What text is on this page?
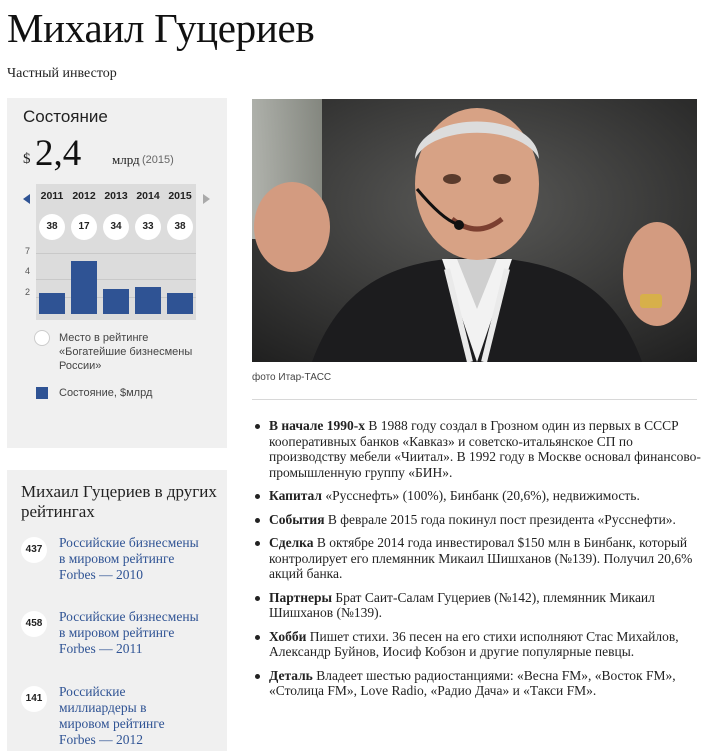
Михаил Гуцериев
Частный инвестор
Состояние
$ 2,4 млрд (2015)
7
4
2
2011
38
2012
17
2013
34
2014
33
2015
38
Место в рейтинге «Богатейшие бизнесмены России»
Состояние, $млрд
Михаил Гуцериев в других рейтингах
437	Российские бизнесмены в мировом рейтинге Forbes — 2010
458	Российские бизнесмены в мировом рейтинге Forbes — 2011
141	Российские миллиардеры в мировом рейтинге Forbes — 2012
фото Итар-ТАСС
В начале 1990-х В 1988 году создал в Грозном один из первых в СССР кооперативных банков «Кавказ» и советско-итальянское СП по производству мебели «Чиитал». В 1992 году в Москве основал финансово-промышленную группу «БИН».
Капитал «Русснефть» (100%), Бинбанк (20,6%), недвижимость.
События В феврале 2015 года покинул пост президента «Русснефти».
Сделка В октябре 2014 года инвестировал $150 млн в Бинбанк, который контролирует его племянник Микаил Шишханов (№139). Получил 20,6% акций банка.
Партнеры Брат Саит-Салам Гуцериев (№142), племянник Микаил Шишханов (№139).
Хобби Пишет стихи. 36 песен на его стихи исполняют Стас Михайлов, Александр Буйнов, Иосиф Кобзон и другие популярные певцы.
Деталь Владеет шестью радиостанциями: «Весна FM», «Восток FM», «Столица FM», Love Radio, «Радио Дача» и «Такси FM».
